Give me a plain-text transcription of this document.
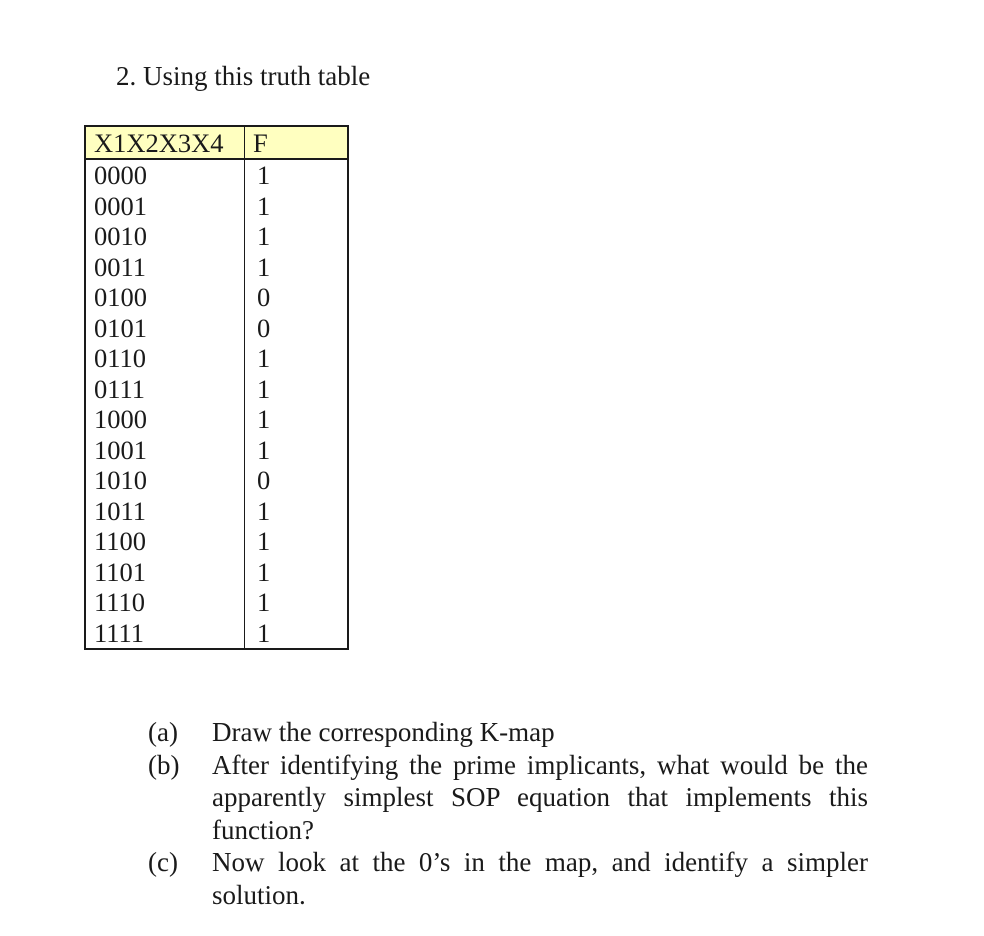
2. Using this truth table
X1X2X3X4	F
0000	1
0001	1
0010	1
0011	1
0100	0
0101	0
0110	1
0111	1
1000	1
1001	1
1010	0
1011	1
1100	1
1101	1
1110	1
1111	1
(a)	Draw the corresponding K-map
(b)	After identifying the prime implicants, what would be the apparently simplest SOP equation that implements this function?
(c)	Now look at the 0’s in the map, and identify a simpler solution.
